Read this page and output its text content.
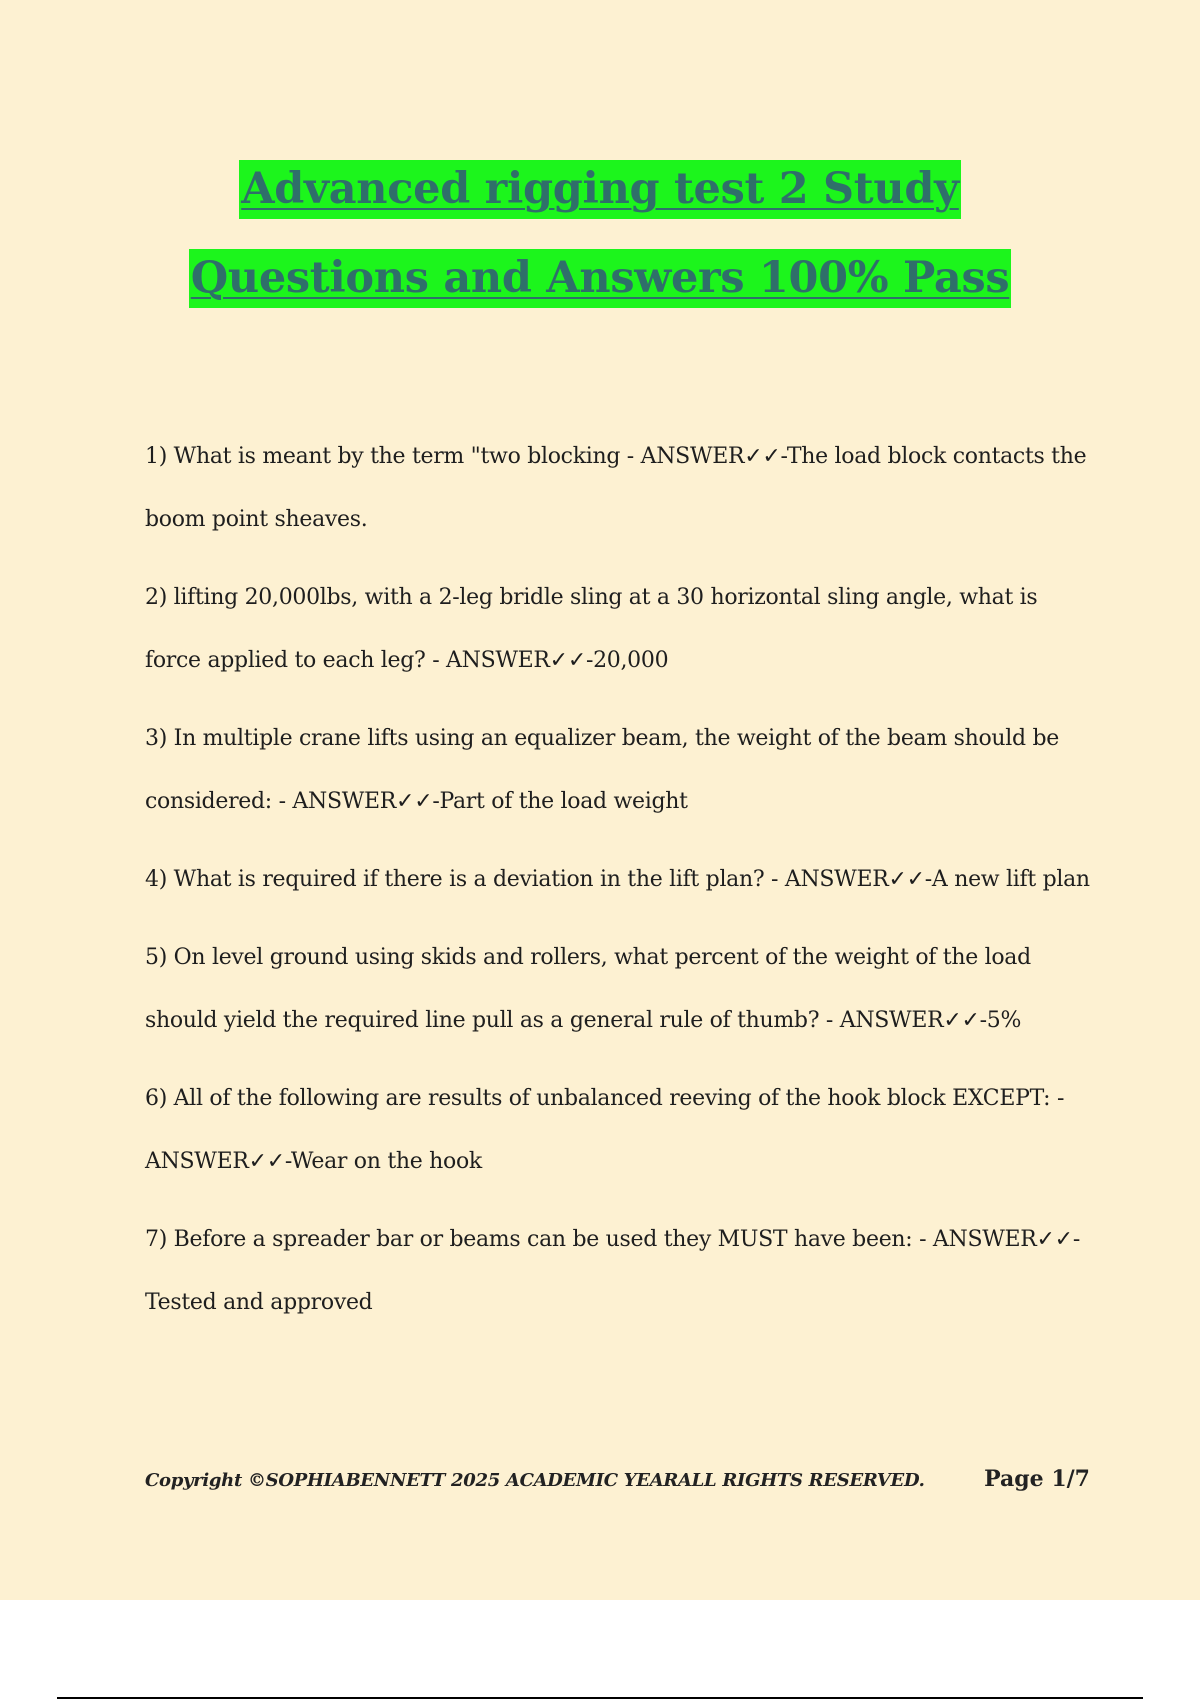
Advanced rigging test 2 Study
Questions and Answers 100% Pass

1) What is meant by the term "two blocking - ANSWER✓✓-The load block contacts the boom point sheaves.

2) lifting 20,000lbs, with a 2-leg bridle sling at a 30 horizontal sling angle, what is force applied to each leg? - ANSWER✓✓-20,000

3) In multiple crane lifts using an equalizer beam, the weight of the beam should be considered: - ANSWER✓✓-Part of the load weight

4) What is required if there is a deviation in the lift plan? - ANSWER✓✓-A new lift plan

5) On level ground using skids and rollers, what percent of the weight of the load should yield the required line pull as a general rule of thumb? - ANSWER✓✓-5%

6) All of the following are results of unbalanced reeving of the hook block EXCEPT: - ANSWER✓✓-Wear on the hook

7) Before a spreader bar or beams can be used they MUST have been: - ANSWER✓✓- Tested and approved

Copyright ©SOPHIABENNETT 2025 ACADEMIC YEARALL RIGHTS RESERVED.	Page 1/7
